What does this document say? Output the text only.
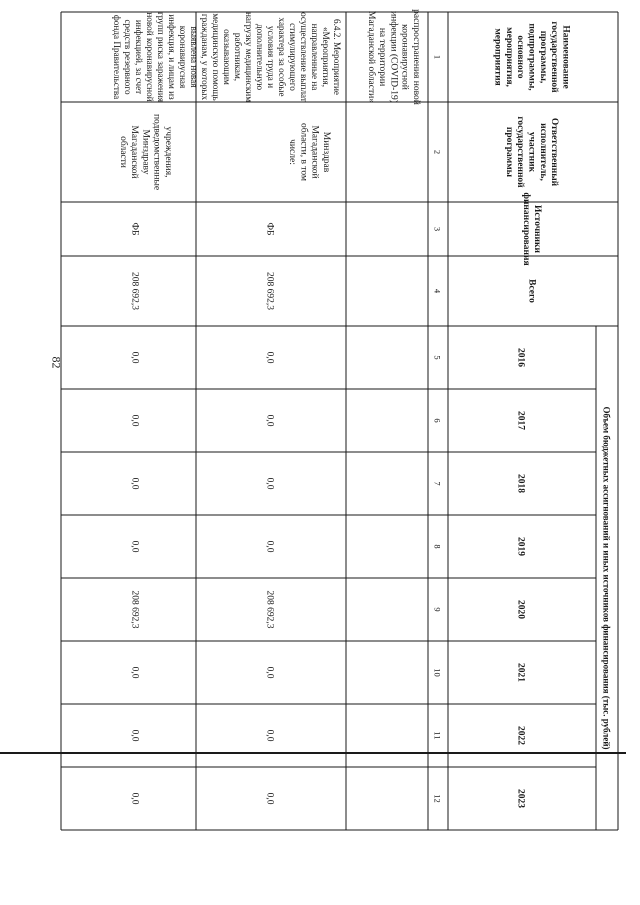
82
Наименованиегосударственнойпрограммы,подпрограммы,основногомероприятия,мероприятия
Ответственныйисполнитель,участникгосударственнойпрограммы
Источникифинансирования
Всего
Объем бюджетных ассигнований и иных источников финансирования (тыс. рублей)
2016
2017
2018
2019
2020
2021
2022
2023
1
2
3
4
5
6
7
8
9
10
11
12
распространения новойкоронавируснойинфекции (COVID-19)на территорииМагаданской области»
6.4.2. Мероприятие«Мероприятия,направленные наосуществление выплатстимулирующегохарактера за особыеусловия труда идополнительнуюнагрузку медицинскимработникам,оказывающиммедицинскую помощьгражданам, у которыхвыявлена новаякоронавируснаяинфекция, и лицам изгрупп риска зараженияновой коронавируснойинфекцией, за счетсредств резервногофонда Правительства
МинздравМагаданскойобласти, в томчисле:
ФБ
208 692,3
0,0
0,0
0,0
0,0
208 692,3
0,0
0,0
0,0
учреждения,подведомственныеМинздравуМагаданскойобласти
ФБ
208 692,3
0,0
0,0
0,0
0,0
208 692,3
0,0
0,0
0,0
